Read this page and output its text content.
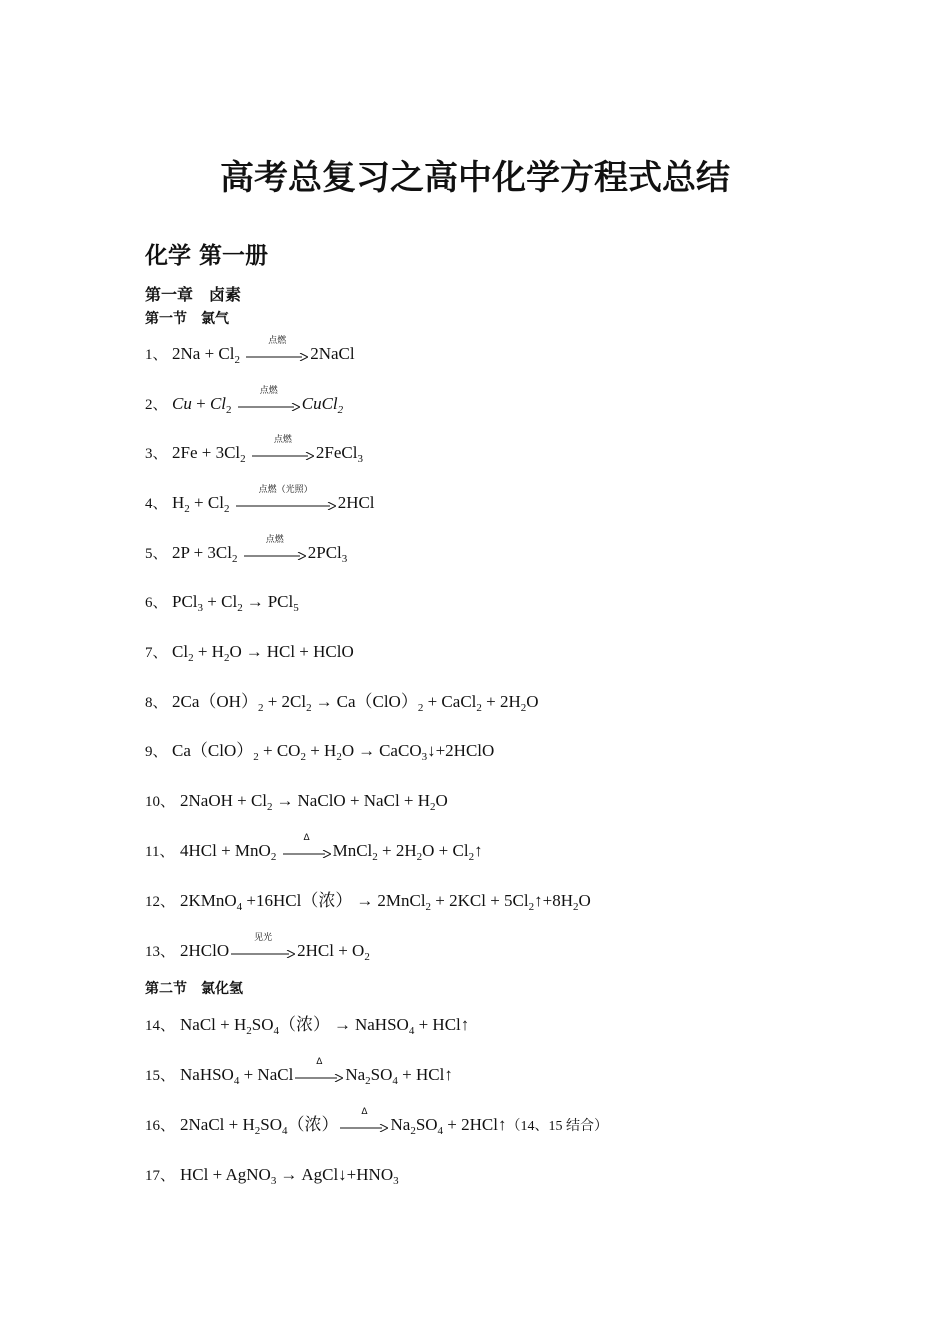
高考总复习之高中化学方程式总结
化学 第一册
第一章　卤素
第一节　氯气
1、 $2Na + Cl_2$
点燃
2NaCl
2、 $Cu + Cl_2$
点燃
CuCl$_2$
3、 $2Fe + 3Cl_2$
点燃
2FeCl$_3$
4、 $H_2 + Cl_2$
点燃（光照）
2HCl
5、 $2P + 3Cl_2$
点燃
2PCl$_3$
6、 $PCl_3 + Cl_2 \to PCl_5$
7、 $Cl_2 + H_2O$ → HCl + HClO
8、 $2Ca(OH)_2 + 2Cl_2 \to Ca(ClO)_2$ + CaCl$_2$ + $2H_2O$
9、 $Ca(ClO)_2 + CO_2 + H_2O$ → CaCO$_3$↓+2HClO
10、 2NaOH + $Cl_2$ → NaClO + NaCl + $H_2O$
11、 4HCl + MnO$_2$
Δ
MnCl$_2$ + $2H_2O$ + $Cl_2↑$
12、 2KMnO$_4$ +16HCl（浓） → 2MnCl$_2$ + $2KCl + 5Cl_2↑+8H_2O$
13、 2HClO
见光
$2HCl + O_2$
第二节　氯化氢
14、 NaCl + $H_2SO_4$（浓） → NaHSO$_4$ + HCl↑
15、 NaHSO$_4$ + NaCl
Δ
$Na_2SO_4$ + HCl↑
16、 2NaCl + $H_2SO_4$（浓）
Δ
$Na_2SO_4$ + 2HCl↑（14、15 结合）
17、 HCl + AgNO$_3$ → $AgCl↓+HNO_3$
